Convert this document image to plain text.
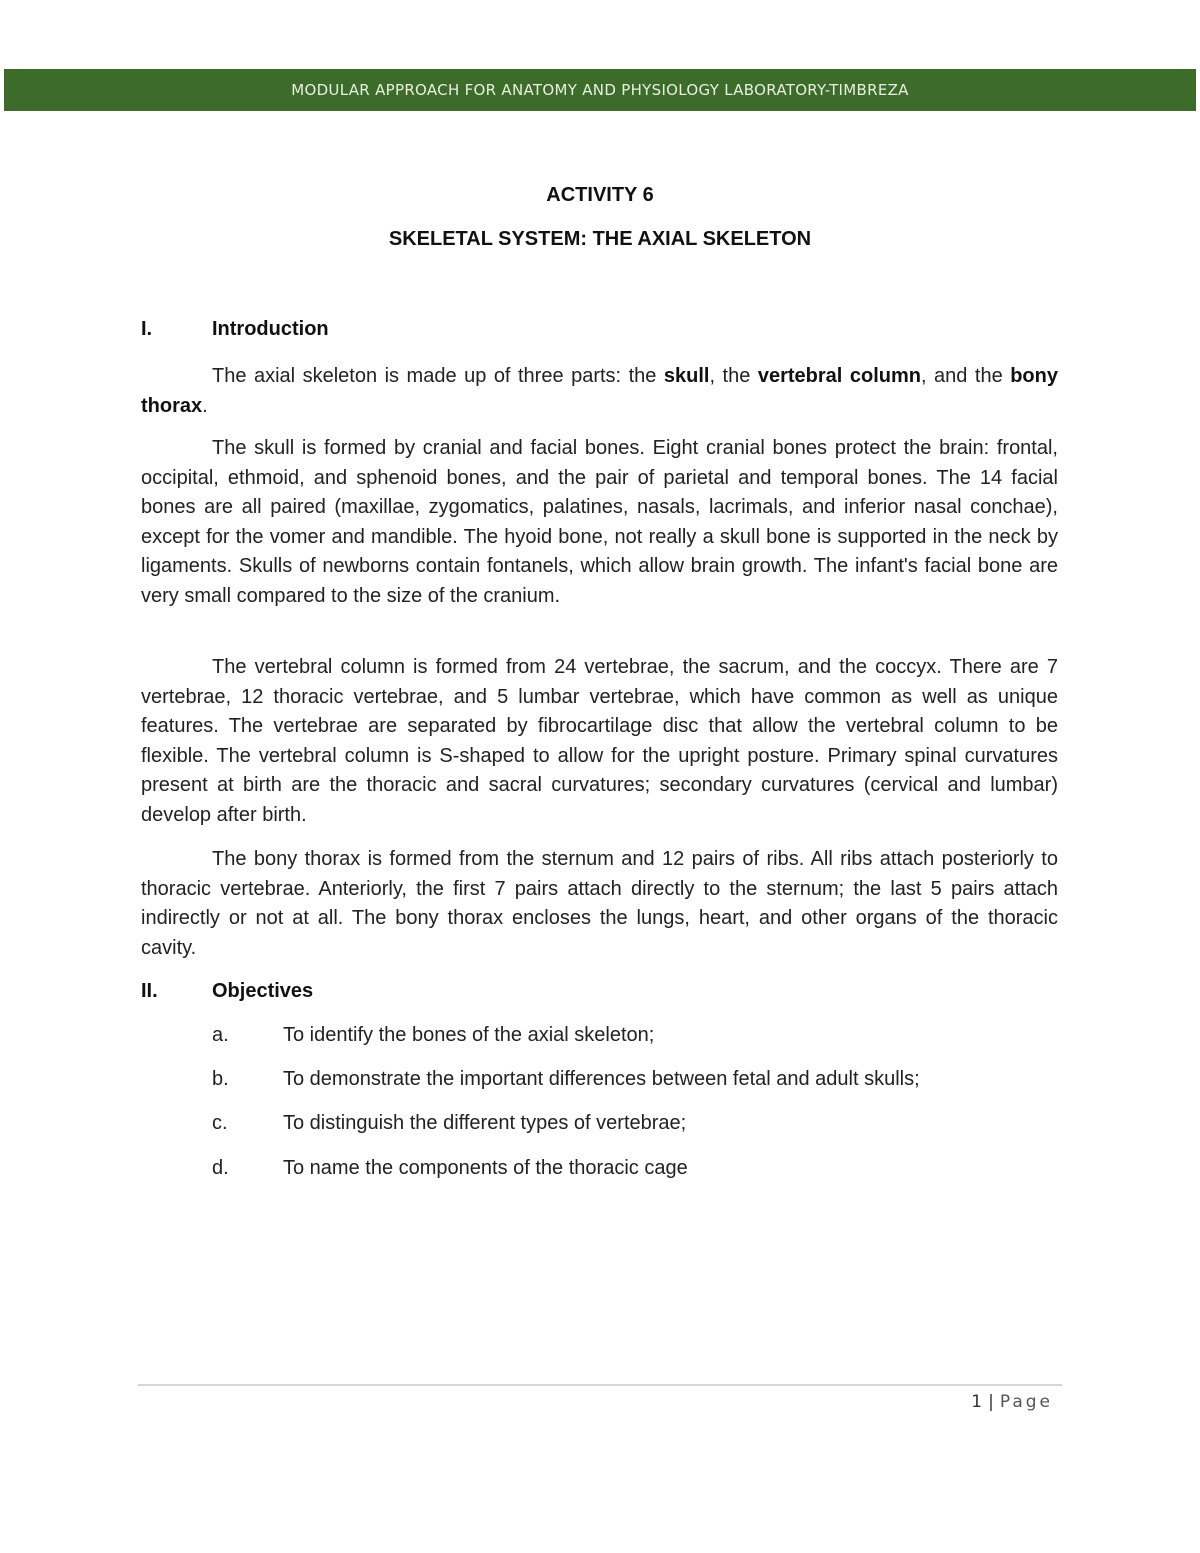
MODULAR APPROACH FOR ANATOMY AND PHYSIOLOGY LABORATORY-TIMBREZA
ACTIVITY 6
SKELETAL SYSTEM: THE AXIAL SKELETON
I.	Introduction

The axial skeleton is made up of three parts: the skull, the vertebral column, and the bony thorax.

The skull is formed by cranial and facial bones. Eight cranial bones protect the brain: frontal, occipital, ethmoid, and sphenoid bones, and the pair of parietal and temporal bones. The 14 facial bones are all paired (maxillae, zygomatics, palatines, nasals, lacrimals, and inferior nasal conchae), except for the vomer and mandible. The hyoid bone, not really a skull bone is supported in the neck by ligaments. Skulls of newborns contain fontanels, which allow brain growth. The infant's facial bone are very small compared to the size of the cranium.

The vertebral column is formed from 24 vertebrae, the sacrum, and the coccyx. There are 7 vertebrae, 12 thoracic vertebrae, and 5 lumbar vertebrae, which have common as well as unique features. The vertebrae are separated by fibrocartilage disc that allow the vertebral column to be flexible. The vertebral column is S-shaped to allow for the upright posture. Primary spinal curvatures present at birth are the thoracic and sacral curvatures; secondary curvatures (cervical and lumbar) develop after birth.

The bony thorax is formed from the sternum and 12 pairs of ribs. All ribs attach posteriorly to thoracic vertebrae. Anteriorly, the first 7 pairs attach directly to the sternum; the last 5 pairs attach indirectly or not at all. The bony thorax encloses the lungs, heart, and other organs of the thoracic cavity.

II.	Objectives
a.	To identify the bones of the axial skeleton;
b.	To demonstrate the important differences between fetal and adult skulls;
c.	To distinguish the different types of vertebrae;
d.	To name the components of the thoracic cage
1 | Page
